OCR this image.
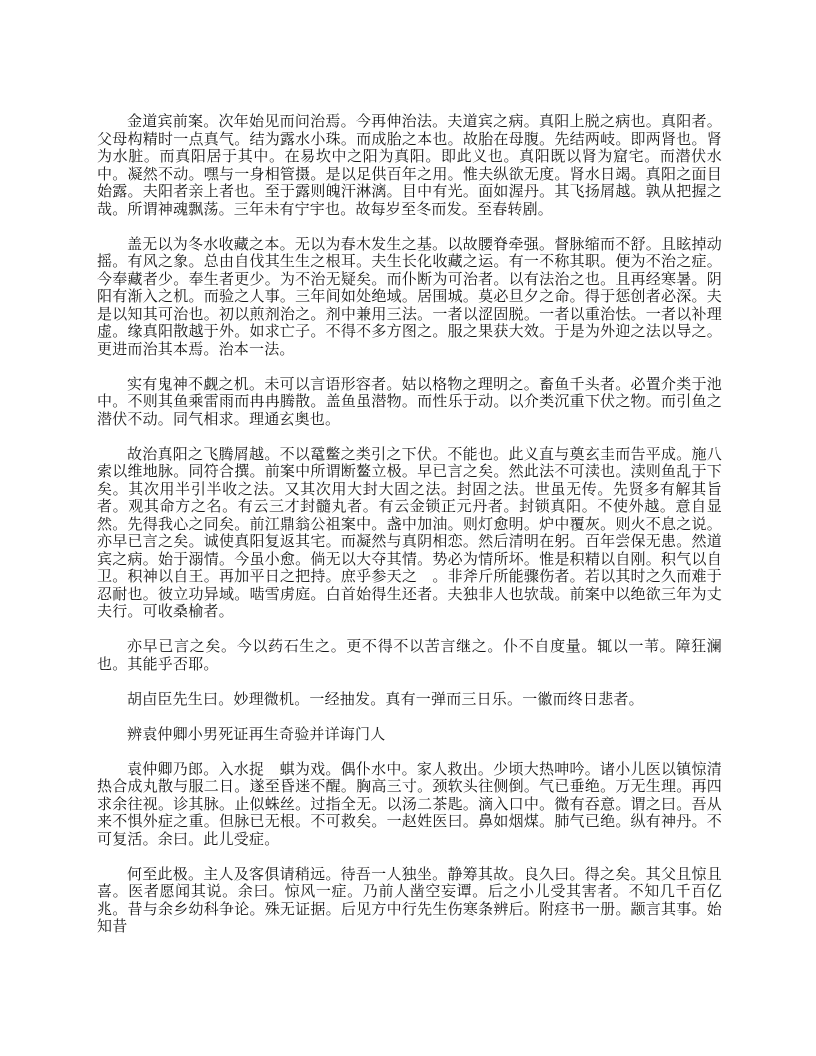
金道宾前案。次年始见而问治焉。今再伸治法。夫道宾之病。真阳上脱之病也。真阳者。父母构精时一点真气。结为露水小珠。而成胎之本也。故胎在母腹。先结两岐。即两肾也。肾为水脏。而真阳居于其中。在易坎中之阳为真阳。即此义也。真阳既以肾为窟宅。而潜伏水中。凝然不动。嘿与一身相管摄。是以足供百年之用。惟夫纵欲无度。肾水日竭。真阳之面目始露。夫阳者亲上者也。至于露则魄汗淋漓。目中有光。面如渥丹。其飞扬屑越。孰从把握之哉。所谓神魂飘荡。三年未有宁宇也。故每岁至冬而发。至春转剧。

盖无以为冬水收藏之本。无以为春木发生之基。以故腰脊牵强。督脉缩而不舒。且眩掉动摇。有风之象。总由自伐其生生之根耳。夫生长化收藏之运。有一不称其职。便为不治之症。今奉藏者少。奉生者更少。为不治无疑矣。而仆断为可治者。以有法治之也。且再经寒暑。阴阳有渐入之机。而验之人事。三年间如处绝域。居围城。莫必旦夕之命。得于惩创者必深。夫是以知其可治也。初以煎剂治之。剂中兼用三法。一者以涩固脱。一者以重治怯。一者以补理虚。缘真阳散越于外。如求亡子。不得不多方图之。服之果获大效。于是为外迎之法以导之。更进而治其本焉。治本一法。

实有鬼神不觑之机。未可以言语形容者。姑以格物之理明之。畜鱼千头者。必置介类于池中。不则其鱼乘雷雨而冉冉腾散。盖鱼虽潜物。而性乐于动。以介类沉重下伏之物。而引鱼之潜伏不动。同气相求。理通玄奥也。

故治真阳之飞腾屑越。不以鼋鳖之类引之下伏。不能也。此义直与奠玄圭而告平成。施八索以维地脉。同符合撰。前案中所谓断鳌立极。早已言之矣。然此法不可渎也。渎则鱼乱于下矣。其次用半引半收之法。又其次用大封大固之法。封固之法。世虽无传。先贤多有解其旨者。观其命方之名。有云三才封髓丸者。有云金锁正元丹者。封锁真阳。不使外越。意自显然。先得我心之同矣。前江鼎翁公祖案中。盏中加油。则灯愈明。炉中覆灰。则火不息之说。亦早已言之矣。诚使真阳复返其宅。而凝然与真阴相恋。然后清明在躬。百年尝保无患。然道宾之病。始于溺情。今虽小愈。倘无以大夺其情。势必为情所坏。惟是积精以自刚。积气以自卫。积神以自王。再加平日之把持。庶乎参天之　。非斧斤所能骤伤者。若以其时之久而难于忍耐也。彼立功异域。啮雪虏庭。白首始得生还者。夫独非人也欤哉。前案中以绝欲三年为丈夫行。可收桑榆者。

亦早已言之矣。今以药石生之。更不得不以苦言继之。仆不自度量。辄以一苇。障狂澜也。其能乎否耶。

胡卣臣先生曰。妙理微机。一经抽发。真有一弹而三日乐。一徽而终日悲者。

辨袁仲卿小男死证再生奇验并详诲门人

袁仲卿乃郎。入水捉　蜞为戏。偶仆水中。家人救出。少顷大热呻吟。诸小儿医以镇惊清热合成丸散与服二日。遂至昏迷不醒。胸高三寸。颈软头往侧倒。气已垂绝。万无生理。再四求余往视。诊其脉。止似蛛丝。过指全无。以汤二茶匙。滴入口中。微有吞意。谓之曰。吾从来不惧外症之重。但脉已无根。不可救矣。一赵姓医曰。鼻如烟煤。肺气已绝。纵有神丹。不可复活。余曰。此儿受症。

何至此极。主人及客俱请稍远。待吾一人独坐。静筹其故。良久曰。得之矣。其父且惊且喜。医者愿闻其说。余曰。惊风一症。乃前人凿空妄谭。后之小儿受其害者。不知几千百亿兆。昔与余乡幼科争论。殊无证据。后见方中行先生伤寒条辨后。附痉书一册。颛言其事。始知昔
